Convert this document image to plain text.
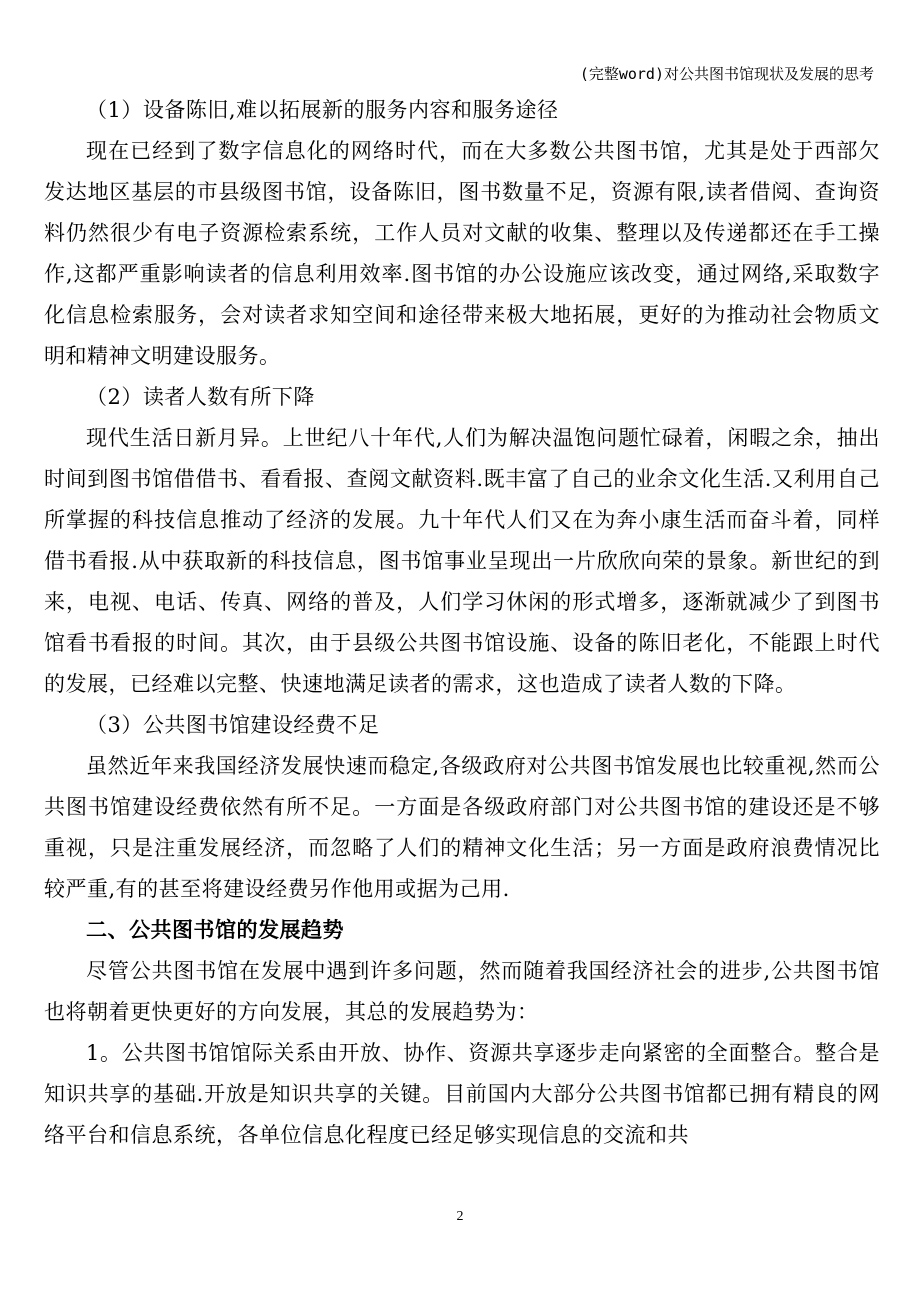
(完整word)对公共图书馆现状及发展的思考

（1）设备陈旧,难以拓展新的服务内容和服务途径

现在已经到了数字信息化的网络时代，而在大多数公共图书馆，尤其是处于西部欠发达地区基层的市县级图书馆，设备陈旧，图书数量不足，资源有限,读者借阅、查询资料仍然很少有电子资源检索系统，工作人员对文献的收集、整理以及传递都还在手工操作,这都严重影响读者的信息利用效率.图书馆的办公设施应该改变，通过网络,采取数字化信息检索服务，会对读者求知空间和途径带来极大地拓展，更好的为推动社会物质文明和精神文明建设服务。

（2）读者人数有所下降

现代生活日新月异。上世纪八十年代,人们为解决温饱问题忙碌着，闲暇之余，抽出时间到图书馆借借书、看看报、查阅文献资料.既丰富了自己的业余文化生活.又利用自己所掌握的科技信息推动了经济的发展。九十年代人们又在为奔小康生活而奋斗着，同样借书看报.从中获取新的科技信息，图书馆事业呈现出一片欣欣向荣的景象。新世纪的到来，电视、电话、传真、网络的普及，人们学习休闲的形式增多，逐渐就减少了到图书馆看书看报的时间。其次，由于县级公共图书馆设施、设备的陈旧老化，不能跟上时代的发展，已经难以完整、快速地满足读者的需求，这也造成了读者人数的下降。

（3）公共图书馆建设经费不足

虽然近年来我国经济发展快速而稳定,各级政府对公共图书馆发展也比较重视,然而公共图书馆建设经费依然有所不足。一方面是各级政府部门对公共图书馆的建设还是不够重视，只是注重发展经济，而忽略了人们的精神文化生活；另一方面是政府浪费情况比较严重,有的甚至将建设经费另作他用或据为己用.

二、公共图书馆的发展趋势

尽管公共图书馆在发展中遇到许多问题，然而随着我国经济社会的进步,公共图书馆也将朝着更快更好的方向发展，其总的发展趋势为：

1。公共图书馆馆际关系由开放、协作、资源共享逐步走向紧密的全面整合。整合是知识共享的基础.开放是知识共享的关键。目前国内大部分公共图书馆都已拥有精良的网络平台和信息系统，各单位信息化程度已经足够实现信息的交流和共

2
